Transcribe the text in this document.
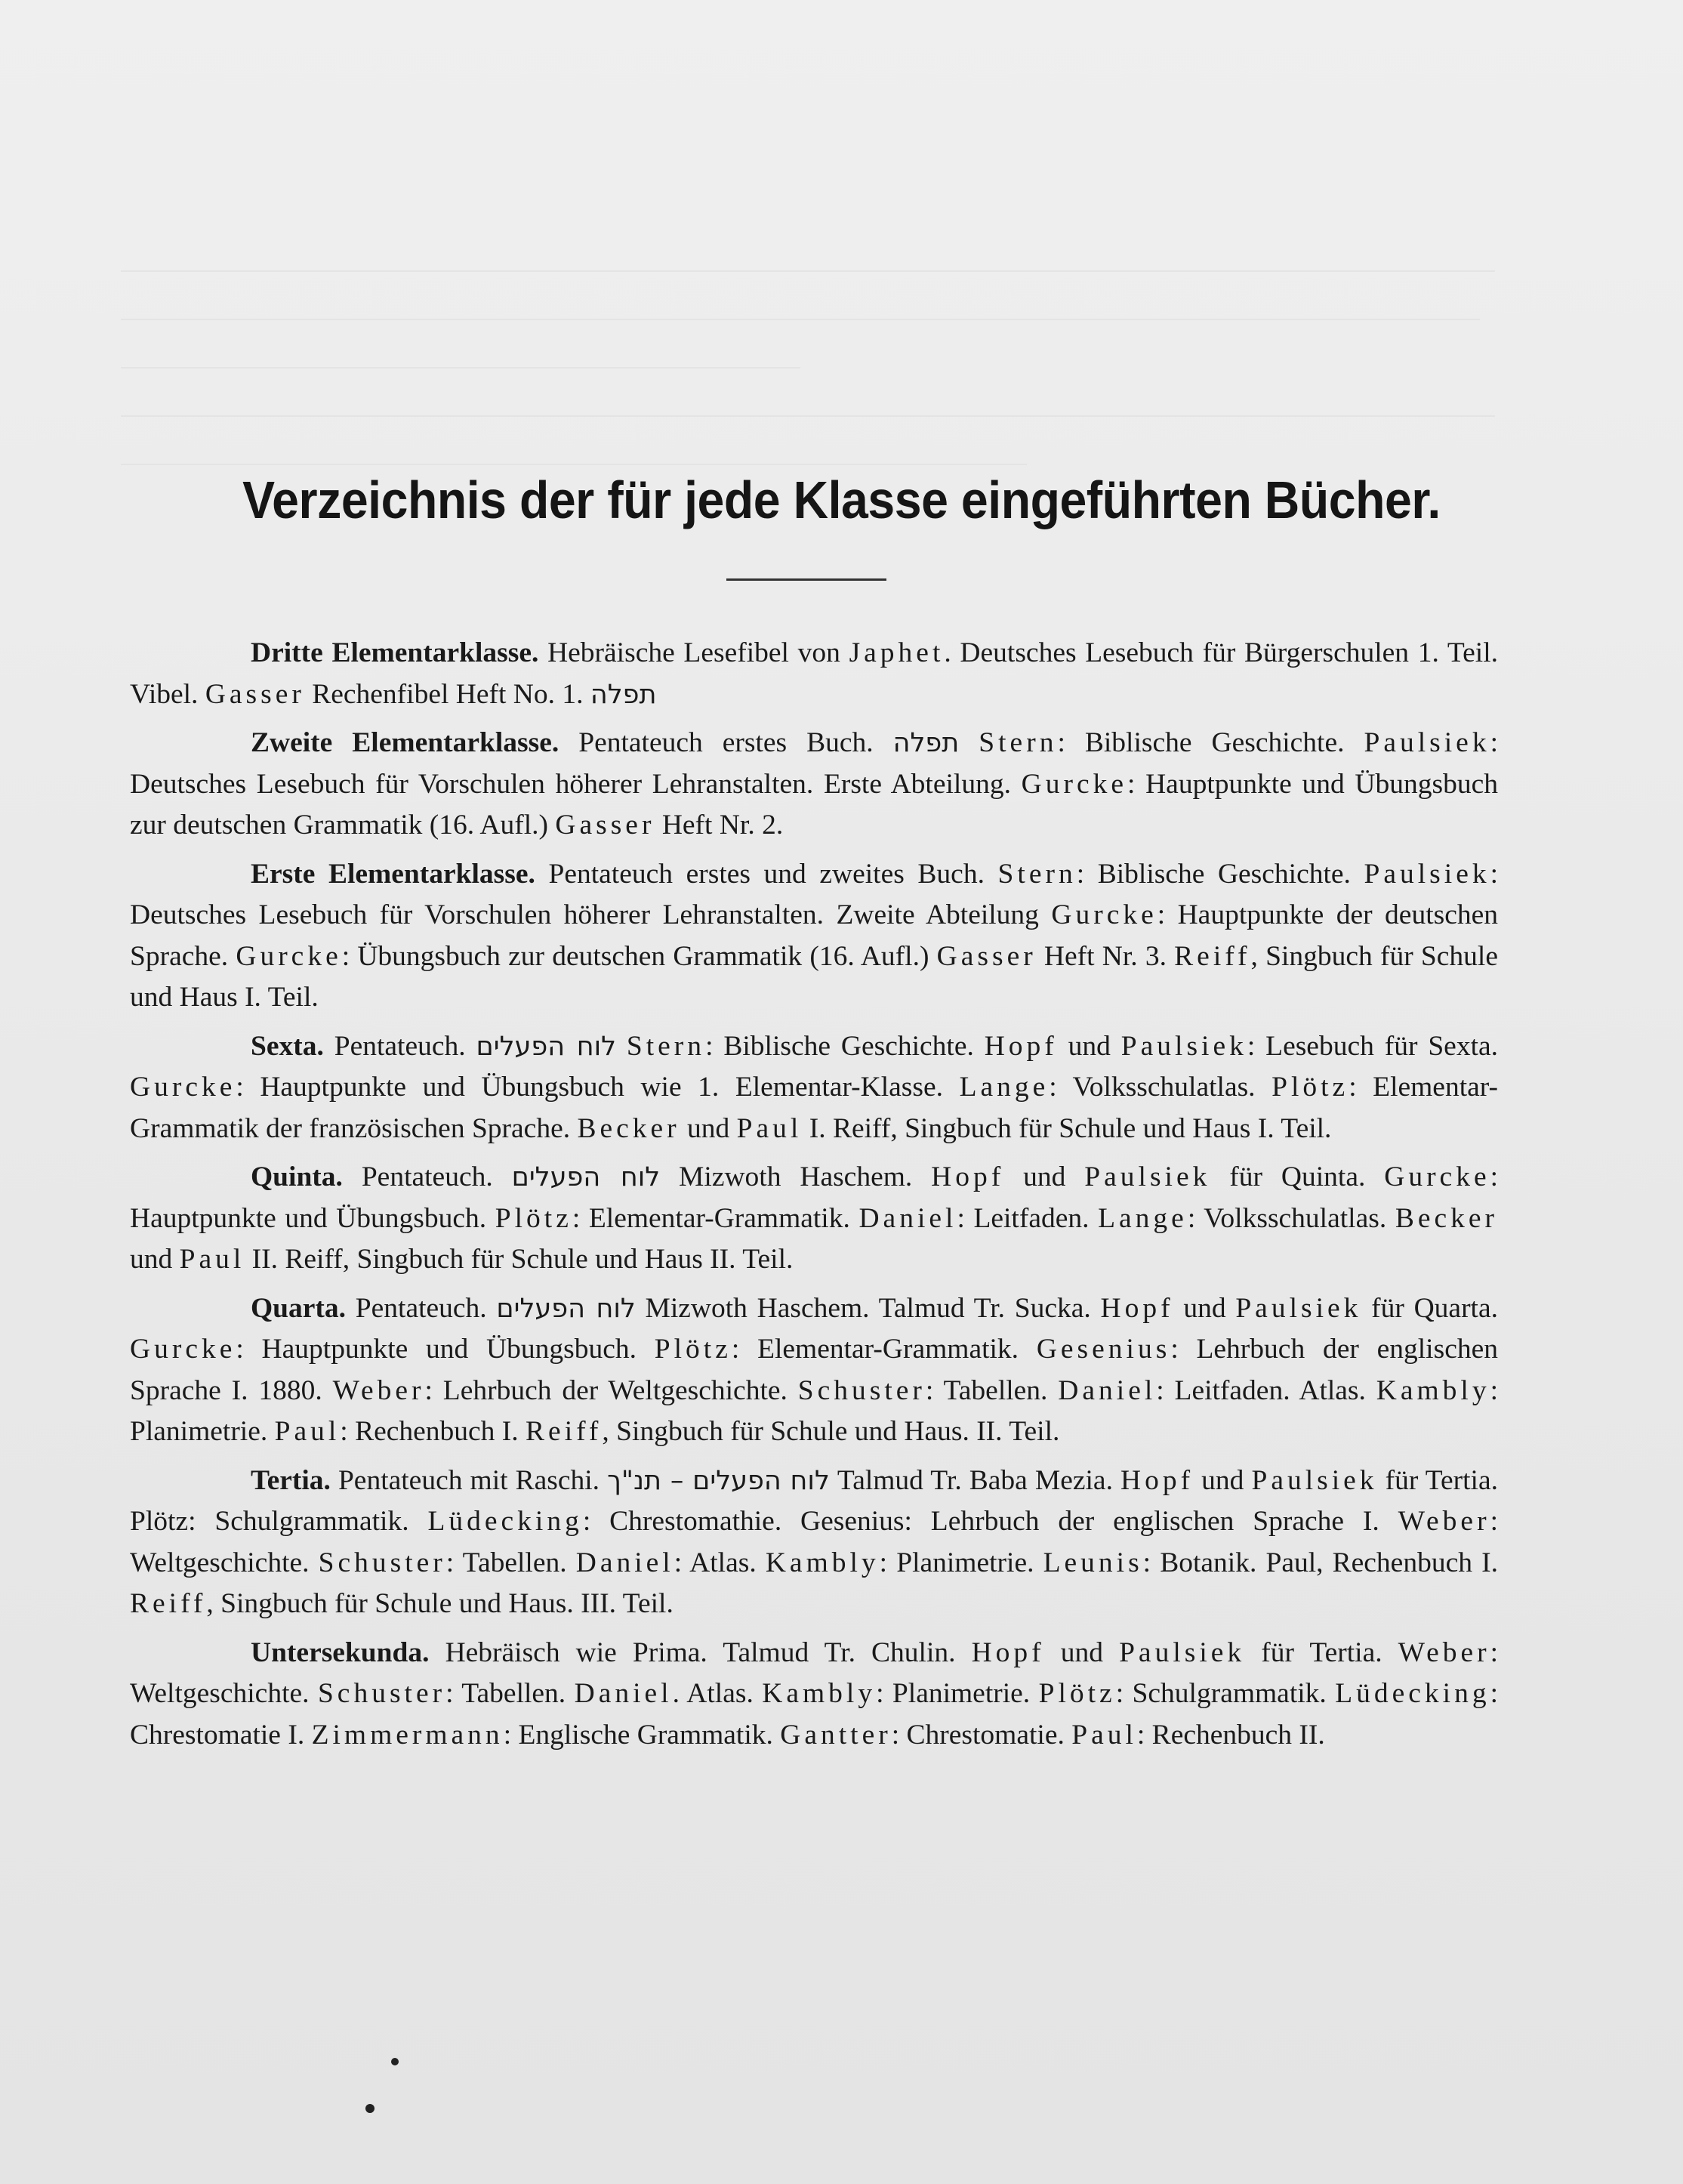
Verzeichnis der für jede Klasse eingeführten Bücher.

Dritte Elementarklasse. Hebräische Lesefibel von Japhet. Deutsches Lesebuch für Bürgerschulen 1. Teil. Vibel. Gasser Rechenfibel Heft No. 1. תפלה

Zweite Elementarklasse. Pentateuch erstes Buch. תפלה Stern: Biblische Geschichte. Paulsiek: Deutsches Lesebuch für Vorschulen höherer Lehranstalten. Erste Abteilung. Gurcke: Hauptpunkte und Übungsbuch zur deutschen Grammatik (16. Aufl.) Gasser Heft Nr. 2.

Erste Elementarklasse. Pentateuch erstes und zweites Buch. Stern: Biblische Geschichte. Paulsiek: Deutsches Lesebuch für Vorschulen höherer Lehranstalten. Zweite Abteilung Gurcke: Hauptpunkte der deutschen Sprache. Gurcke: Übungsbuch zur deutschen Grammatik (16. Aufl.) Gasser Heft Nr. 3. Reiff, Singbuch für Schule und Haus I. Teil.

Sexta. Pentateuch. לוח הפעלים Stern: Biblische Geschichte. Hopf und Paulsiek: Lesebuch für Sexta. Gurcke: Hauptpunkte und Übungsbuch wie 1. Elementar-Klasse. Lange: Volksschulatlas. Plötz: Elementar-Grammatik der französischen Sprache. Becker und Paul I. Reiff, Singbuch für Schule und Haus I. Teil.

Quinta. Pentateuch. לוח הפעלים Mizwoth Haschem. Hopf und Paulsiek für Quinta. Gurcke: Hauptpunkte und Übungsbuch. Plötz: Elementar-Grammatik. Daniel: Leitfaden. Lange: Volksschulatlas. Becker und Paul II. Reiff, Singbuch für Schule und Haus II. Teil.

Quarta. Pentateuch. לוח הפעלים Mizwoth Haschem. Talmud Tr. Sucka. Hopf und Paulsiek für Quarta. Gurcke: Hauptpunkte und Übungsbuch. Plötz: Elementar-Grammatik. Gesenius: Lehrbuch der englischen Sprache I. 1880. Weber: Lehrbuch der Weltgeschichte. Schuster: Tabellen. Daniel: Leitfaden. Atlas. Kambly: Planimetrie. Paul: Rechenbuch I. Reiff, Singbuch für Schule und Haus. II. Teil.

Tertia. Pentateuch mit Raschi. לוח הפעלים – תנ"ך Talmud Tr. Baba Mezia. Hopf und Paulsiek für Tertia. Plötz: Schulgrammatik. Lüdecking: Chrestomathie. Gesenius: Lehrbuch der englischen Sprache I. Weber: Weltgeschichte. Schuster: Tabellen. Daniel: Atlas. Kambly: Planimetrie. Leunis: Botanik. Paul, Rechenbuch I. Reiff, Singbuch für Schule und Haus. III. Teil.

Untersekunda. Hebräisch wie Prima. Talmud Tr. Chulin. Hopf und Paulsiek für Tertia. Weber: Weltgeschichte. Schuster: Tabellen. Daniel. Atlas. Kambly: Planimetrie. Plötz: Schulgrammatik. Lüdecking: Chrestomatie I. Zimmermann: Englische Grammatik. Gantter: Chrestomatie. Paul: Rechenbuch II.
